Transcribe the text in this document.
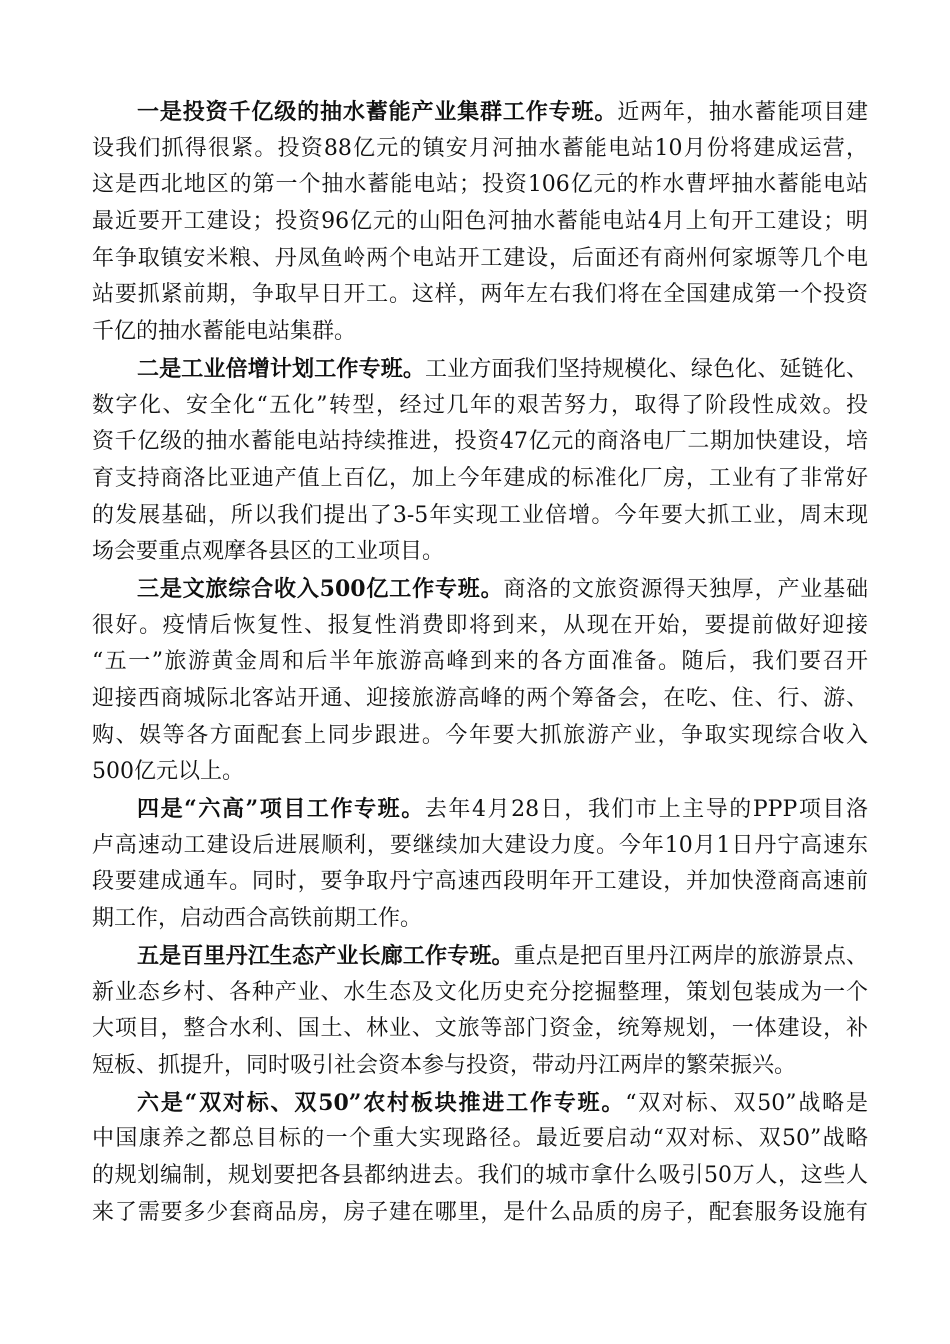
一是投资千亿级的抽水蓄能产业集群工作专班。近两年，抽水蓄能项目建
设我们抓得很紧。投资88亿元的镇安月河抽水蓄能电站10月份将建成运营，
这是西北地区的第一个抽水蓄能电站；投资106亿元的柞水曹坪抽水蓄能电站
最近要开工建设；投资96亿元的山阳色河抽水蓄能电站4月上旬开工建设；明
年争取镇安米粮、丹凤鱼岭两个电站开工建设，后面还有商州何家塬等几个电
站要抓紧前期，争取早日开工。这样，两年左右我们将在全国建成第一个投资
千亿的抽水蓄能电站集群。
二是工业倍增计划工作专班。工业方面我们坚持规模化、绿色化、延链化、
数字化、安全化“五化”转型，经过几年的艰苦努力，取得了阶段性成效。投
资千亿级的抽水蓄能电站持续推进，投资47亿元的商洛电厂二期加快建设，培
育支持商洛比亚迪产值上百亿，加上今年建成的标准化厂房，工业有了非常好
的发展基础，所以我们提出了3-5年实现工业倍增。今年要大抓工业，周末现
场会要重点观摩各县区的工业项目。
三是文旅综合收入500亿工作专班。商洛的文旅资源得天独厚，产业基础
很好。疫情后恢复性、报复性消费即将到来，从现在开始，要提前做好迎接
“五一”旅游黄金周和后半年旅游高峰到来的各方面准备。随后，我们要召开
迎接西商城际北客站开通、迎接旅游高峰的两个筹备会，在吃、住、行、游、
购、娱等各方面配套上同步跟进。今年要大抓旅游产业，争取实现综合收入
500亿元以上。
四是“六高”项目工作专班。去年4月28日，我们市上主导的PPP项目洛
卢高速动工建设后进展顺利，要继续加大建设力度。今年10月1日丹宁高速东
段要建成通车。同时，要争取丹宁高速西段明年开工建设，并加快澄商高速前
期工作，启动西合高铁前期工作。
五是百里丹江生态产业长廊工作专班。重点是把百里丹江两岸的旅游景点、
新业态乡村、各种产业、水生态及文化历史充分挖掘整理，策划包装成为一个
大项目，整合水利、国土、林业、文旅等部门资金，统筹规划，一体建设，补
短板、抓提升，同时吸引社会资本参与投资，带动丹江两岸的繁荣振兴。
六是“双对标、双50”农村板块推进工作专班。“双对标、双50”战略是
中国康养之都总目标的一个重大实现路径。最近要启动“双对标、双50”战略
的规划编制，规划要把各县都纳进去。我们的城市拿什么吸引50万人，这些人
来了需要多少套商品房，房子建在哪里，是什么品质的房子，配套服务设施有
